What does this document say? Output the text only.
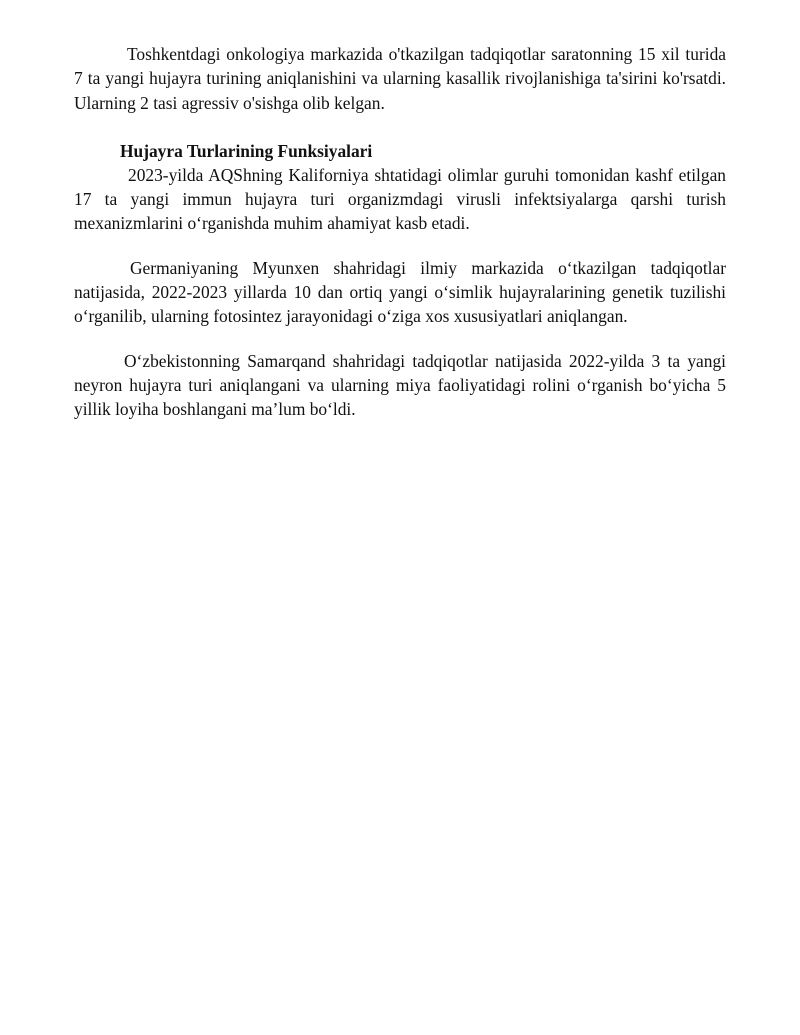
Toshkentdagi onkologiya markazida o'tkazilgan tadqiqotlar saratonning 15 xil turida 7 ta yangi hujayra turining aniqlanishini va ularning kasallik rivojlanishiga ta'sirini ko'rsatdi. Ularning 2 tasi agressiv o'sishga olib kelgan.

Hujayra Turlarining Funksiyalari

2023-yilda AQShning Kaliforniya shtatidagi olimlar guruhi tomonidan kashf etilgan 17 ta yangi immun hujayra turi organizmdagi virusli infektsiyalarga qarshi turish mexanizmlarini o‘rganishda muhim ahamiyat kasb etadi.

Germaniyaning Myunxen shahridagi ilmiy markazida o‘tkazilgan tadqiqotlar natijasida, 2022-2023 yillarda 10 dan ortiq yangi o‘simlik hujayralarining genetik tuzilishi o‘rganilib, ularning fotosintez jarayonidagi o‘ziga xos xususiyatlari aniqlangan.

O‘zbekistonning Samarqand shahridagi tadqiqotlar natijasida 2022-yilda 3 ta yangi neyron hujayra turi aniqlangani va ularning miya faoliyatidagi rolini o‘rganish bo‘yicha 5 yillik loyiha boshlangani ma’lum bo‘ldi.
